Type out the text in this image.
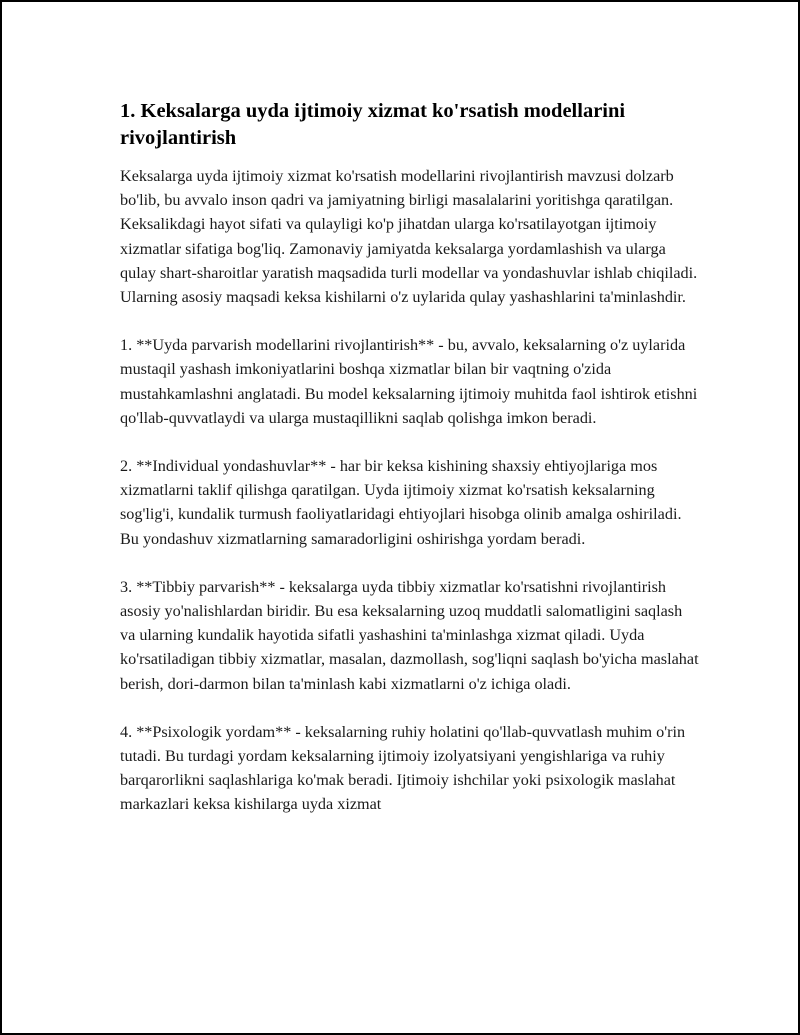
1. Keksalarga uyda ijtimoiy xizmat ko'rsatish modellarini rivojlantirish

Keksalarga uyda ijtimoiy xizmat ko'rsatish modellarini rivojlantirish mavzusi dolzarb bo'lib, bu avvalo inson qadri va jamiyatning birligi masalalarini yoritishga qaratilgan. Keksalikdagi hayot sifati va qulayligi ko'p jihatdan ularga ko'rsatilayotgan ijtimoiy xizmatlar sifatiga bog'liq. Zamonaviy jamiyatda keksalarga yordamlashish va ularga qulay shart-sharoitlar yaratish maqsadida turli modellar va yondashuvlar ishlab chiqiladi. Ularning asosiy maqsadi keksa kishilarni o'z uylarida qulay yashashlarini ta'minlashdir.

1. **Uyda parvarish modellarini rivojlantirish** - bu, avvalo, keksalarning o'z uylarida mustaqil yashash imkoniyatlarini boshqa xizmatlar bilan bir vaqtning o'zida mustahkamlashni anglatadi. Bu model keksalarning ijtimoiy muhitda faol ishtirok etishni qo'llab-quvvatlaydi va ularga mustaqillikni saqlab qolishga imkon beradi.

2. **Individual yondashuvlar** - har bir keksa kishining shaxsiy ehtiyojlariga mos xizmatlarni taklif qilishga qaratilgan. Uyda ijtimoiy xizmat ko'rsatish keksalarning sog'lig'i, kundalik turmush faoliyatlaridagi ehtiyojlari hisobga olinib amalga oshiriladi. Bu yondashuv xizmatlarning samaradorligini oshirishga yordam beradi.

3. **Tibbiy parvarish** - keksalarga uyda tibbiy xizmatlar ko'rsatishni rivojlantirish asosiy yo'nalishlardan biridir. Bu esa keksalarning uzoq muddatli salomatligini saqlash va ularning kundalik hayotida sifatli yashashini ta'minlashga xizmat qiladi. Uyda ko'rsatiladigan tibbiy xizmatlar, masalan, dazmollash, sog'liqni saqlash bo'yicha maslahat berish, dori-darmon bilan ta'minlash kabi xizmatlarni o'z ichiga oladi.

4. **Psixologik yordam** - keksalarning ruhiy holatini qo'llab-quvvatlash muhim o'rin tutadi. Bu turdagi yordam keksalarning ijtimoiy izolyatsiyani yengishlariga va ruhiy barqarorlikni saqlashlariga ko'mak beradi. Ijtimoiy ishchilar yoki psixologik maslahat markazlari keksa kishilarga uyda xizmat
